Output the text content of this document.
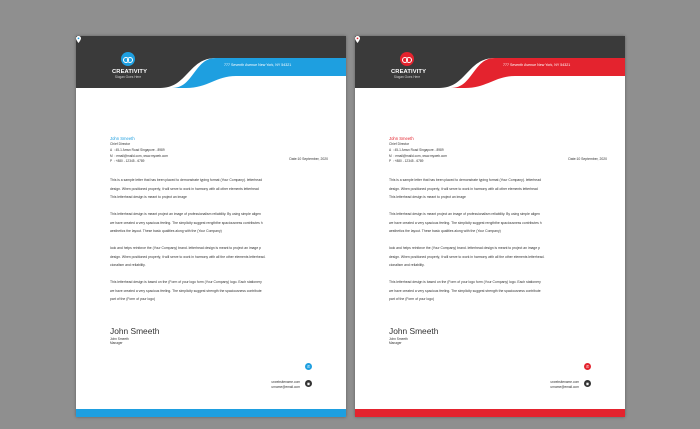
CREATIVITY
Slogan Goes Here
777 Seventh Avenue New York, NY 54321
John Smeeth
Chief Director
A : 45-1 Amsn Road Singapore - 8989
M : email@maild.com, www.myweb.com
P : +880 - 12345 - 6789
Date:10 September, 2020
This is a sample letter that has been placed to demonstrate typing format (Your Company). letterhead
design. When positioned properly, it will serve to work in harmony with all other elements letterhead
This letterhead design is meant to project an image
This letterhead design is meant project an image of professionalism reliability. By using simple aligen
we have created a very spacious feeling. The simplicity suggest rengththe spaciousness contributes h
aesthetics the layout. These basic qualities along with the (Your Company)
look and helps reinforce the (Your Company) brand. letterhead design is meant to project an image p
design. When positioned properly, it will serve to work in harmony with all the other elements letterhead.
cionalism and reliability.
This letterhead design is based on the (Form of your logo form (Your Company) logo. Each stationery
we have created a very spacious feeling. The simplicity suggest strength the spaciousness contribute
part of the (Form of your logo)
John Smeeth
John Smeeth
Manager
✆
urwebsitename.com
urname@email.com
◉
CREATIVITY
Slogan Goes Here
777 Seventh Avenue New York, NY 54321
John Smeeth
Chief Director
A : 45-1 Amsn Road Singapore - 8989
M : email@maild.com, www.myweb.com
P : +880 - 12345 - 6789
Date:10 September, 2020
This is a sample letter that has been placed to demonstrate typing format (Your Company). letterhead
design. When positioned properly, it will serve to work in harmony with all other elements letterhead
This letterhead design is meant to project an image
This letterhead design is meant project an image of professionalism reliability. By using simple aligen
we have created a very spacious feeling. The simplicity suggest rengththe spaciousness contributes h
aesthetics the layout. These basic qualities along with the (Your Company)
look and helps reinforce the (Your Company) brand. letterhead design is meant to project an image p
design. When positioned properly, it will serve to work in harmony with all the other elements letterhead.
cionalism and reliability.
This letterhead design is based on the (Form of your logo form (Your Company) logo. Each stationery
we have created a very spacious feeling. The simplicity suggest strength the spaciousness contribute
part of the (Form of your logo)
John Smeeth
John Smeeth
Manager
✆
urwebsitename.com
urname@email.com
◉
